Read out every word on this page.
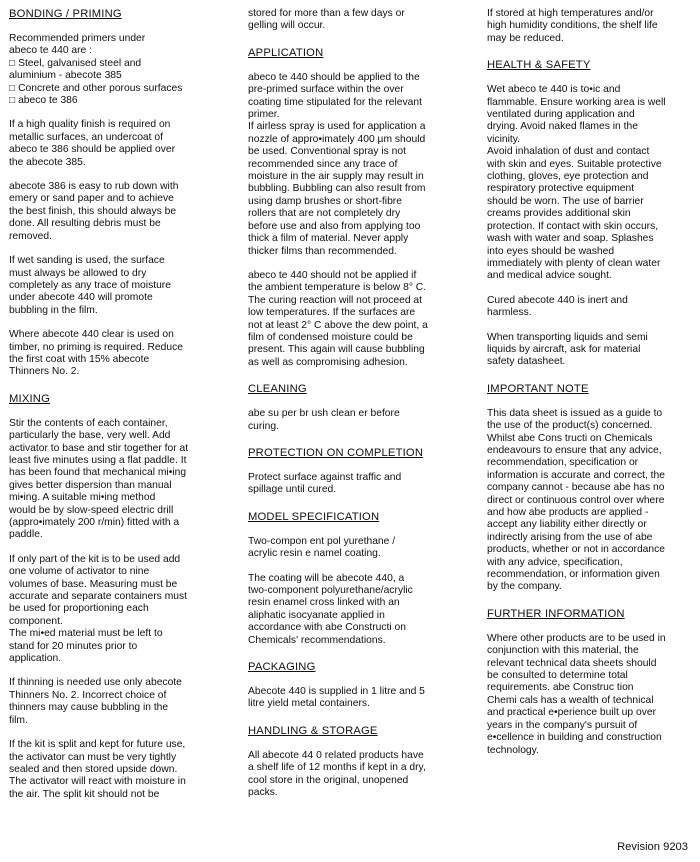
BONDING / PRIMING
Recommended primers under
abeco te 440 are :
□ Steel, galvanised steel and
aluminium - abecote 385
□ Concrete and other porous surfaces
□ abeco te 386
If a high quality finish is required on
metallic surfaces, an undercoat of
abeco te 386 should be applied over
the abecote 385.
abecote 386 is easy to rub down with
emery or sand paper and to achieve
the best finish, this should always be
done. All resulting debris must be
removed.
If wet sanding is used, the surface
must always be allowed to dry
completely as any trace of moisture
under abecote 440 will promote
bubbling in the film.
Where abecote 440 clear is used on
timber, no priming is required. Reduce
the first coat with 15% abecote
Thinners No. 2.
MIXING
Stir the contents of each container,
particularly the base, very well. Add
activator to base and stir together for at
least five minutes using a flat paddle. It
has been found that mechanical mi•ing
gives better dispersion than manual
mi•ing. A suitable mi•ing method
would be by slow-speed electric drill
(appro•imately 200 r/min) fitted with a
paddle.
If only part of the kit is to be used add
one volume of activator to nine
volumes of base. Measuring must be
accurate and separate containers must
be used for proportioning each
component.
The mi•ed material must be left to
stand for 20 minutes prior to
application.
If thinning is needed use only abecote
Thinners No. 2. Incorrect choice of
thinners may cause bubbling in the
film.
If the kit is split and kept for future use,
the activator can must be very tightly
sealed and then stored upside down.
The activator will react with moisture in
the air. The split kit should not be
stored for more than a few days or
gelling will occur.
APPLICATION
abeco te 440 should be applied to the
pre-primed surface within the over
coating time stipulated for the relevant
primer.
If airless spray is used for application a
nozzle of appro•imately 400 µm should
be used. Conventional spray is not
recommended since any trace of
moisture in the air supply may result in
bubbling. Bubbling can also result from
using damp brushes or short-fibre
rollers that are not completely dry
before use and also from applying too
thick a film of material. Never apply
thicker films than recommended.
abeco te 440 should not be applied if
the ambient temperature is below 8° C.
The curing reaction will not proceed at
low temperatures. If the surfaces are
not at least 2° C above the dew point, a
film of condensed moisture could be
present. This again will cause bubbling
as well as compromising adhesion.
CLEANING
abe su per br ush clean er before
curing.
PROTECTION ON COMPLETION
Protect surface against traffic and
spillage until cured.
MODEL SPECIFICATION
Two-compon ent pol yurethane /
acrylic resin e namel coating.
The coating will be abecote 440, a
two-component polyurethane/acrylic
resin enamel cross linked with an
aliphatic isocyanate applied in
accordance with abe Constructi on
Chemicals' recommendations.
PACKAGING
Abecote 440 is supplied in 1 litre and 5
litre yield metal containers.
HANDLING & STORAGE
All abecote 44 0 related products have
a shelf life of 12 months if kept in a dry,
cool store in the original, unopened
packs.
If stored at high temperatures and/or
high humidity conditions, the shelf life
may be reduced.
HEALTH & SAFETY
Wet abeco te 440 is to•ic and
flammable. Ensure working area is well
ventilated during application and
drying. Avoid naked flames in the
vicinity.
Avoid inhalation of dust and contact
with skin and eyes. Suitable protective
clothing, gloves, eye protection and
respiratory protective equipment
should be worn. The use of barrier
creams provides additional skin
protection. If contact with skin occurs,
wash with water and soap. Splashes
into eyes should be washed
immediately with plenty of clean water
and medical advice sought.
Cured abecote 440 is inert and
harmless.
When transporting liquids and semi
liquids by aircraft, ask for material
safety datasheet.
IMPORTANT NOTE
This data sheet is issued as a guide to
the use of the product(s) concerned.
Whilst abe Cons tructi on Chemicals
endeavours to ensure that any advice,
recommendation, specification or
information is accurate and correct, the
company cannot - because abe has no
direct or continuous control over where
and how abe products are applied -
accept any liability either directly or
indirectly arising from the use of abe
products, whether or not in accordance
with any advice, specification,
recommendation, or information given
by the company.
FURTHER INFORMATION
Where other products are to be used in
conjunction with this material, the
relevant technical data sheets should
be consulted to determine total
requirements. abe Construc tion
Chemi cals has a wealth of technical
and practical e•perience built up over
years in the company's pursuit of
e•cellence in building and construction
technology.
Revision 9203
